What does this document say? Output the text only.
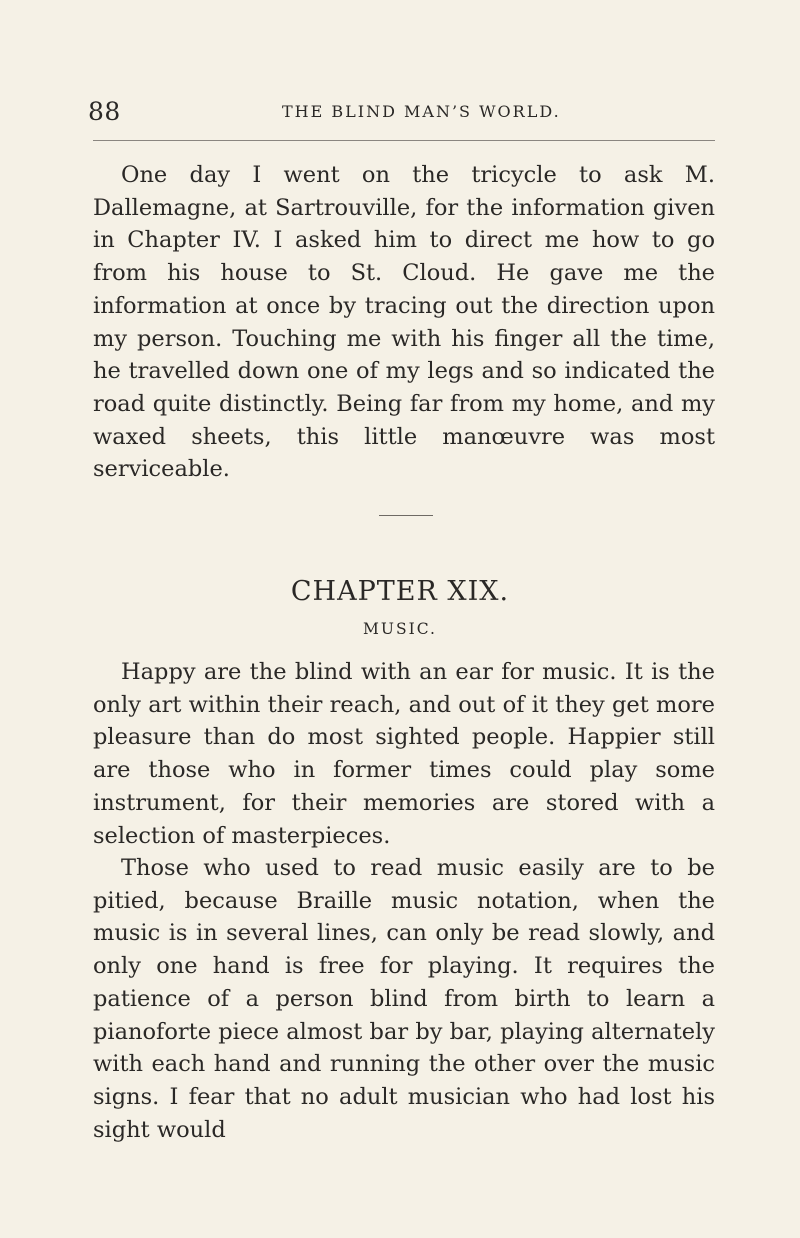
88	THE BLIND MAN’S WORLD.

One day I went on the tricycle to ask M. Dallemagne, at Sartrouville, for the information given in Chapter IV. I asked him to direct me how to go from his house to St. Cloud. He gave me the information at once by tracing out the direction upon my person. Touching me with his finger all the time, he travelled down one of my legs and so indicated the road quite distinctly. Being far from my home, and my waxed sheets, this little manœuvre was most serviceable.

CHAPTER XIX.
MUSIC.

Happy are the blind with an ear for music. It is the only art within their reach, and out of it they get more pleasure than do most sighted people. Happier still are those who in former times could play some instrument, for their memories are stored with a selection of masterpieces.

Those who used to read music easily are to be pitied, because Braille music notation, when the music is in several lines, can only be read slowly, and only one hand is free for playing. It requires the patience of a person blind from birth to learn a pianoforte piece almost bar by bar, playing alternately with each hand and running the other over the music signs. I fear that no adult musician who had lost his sight would
